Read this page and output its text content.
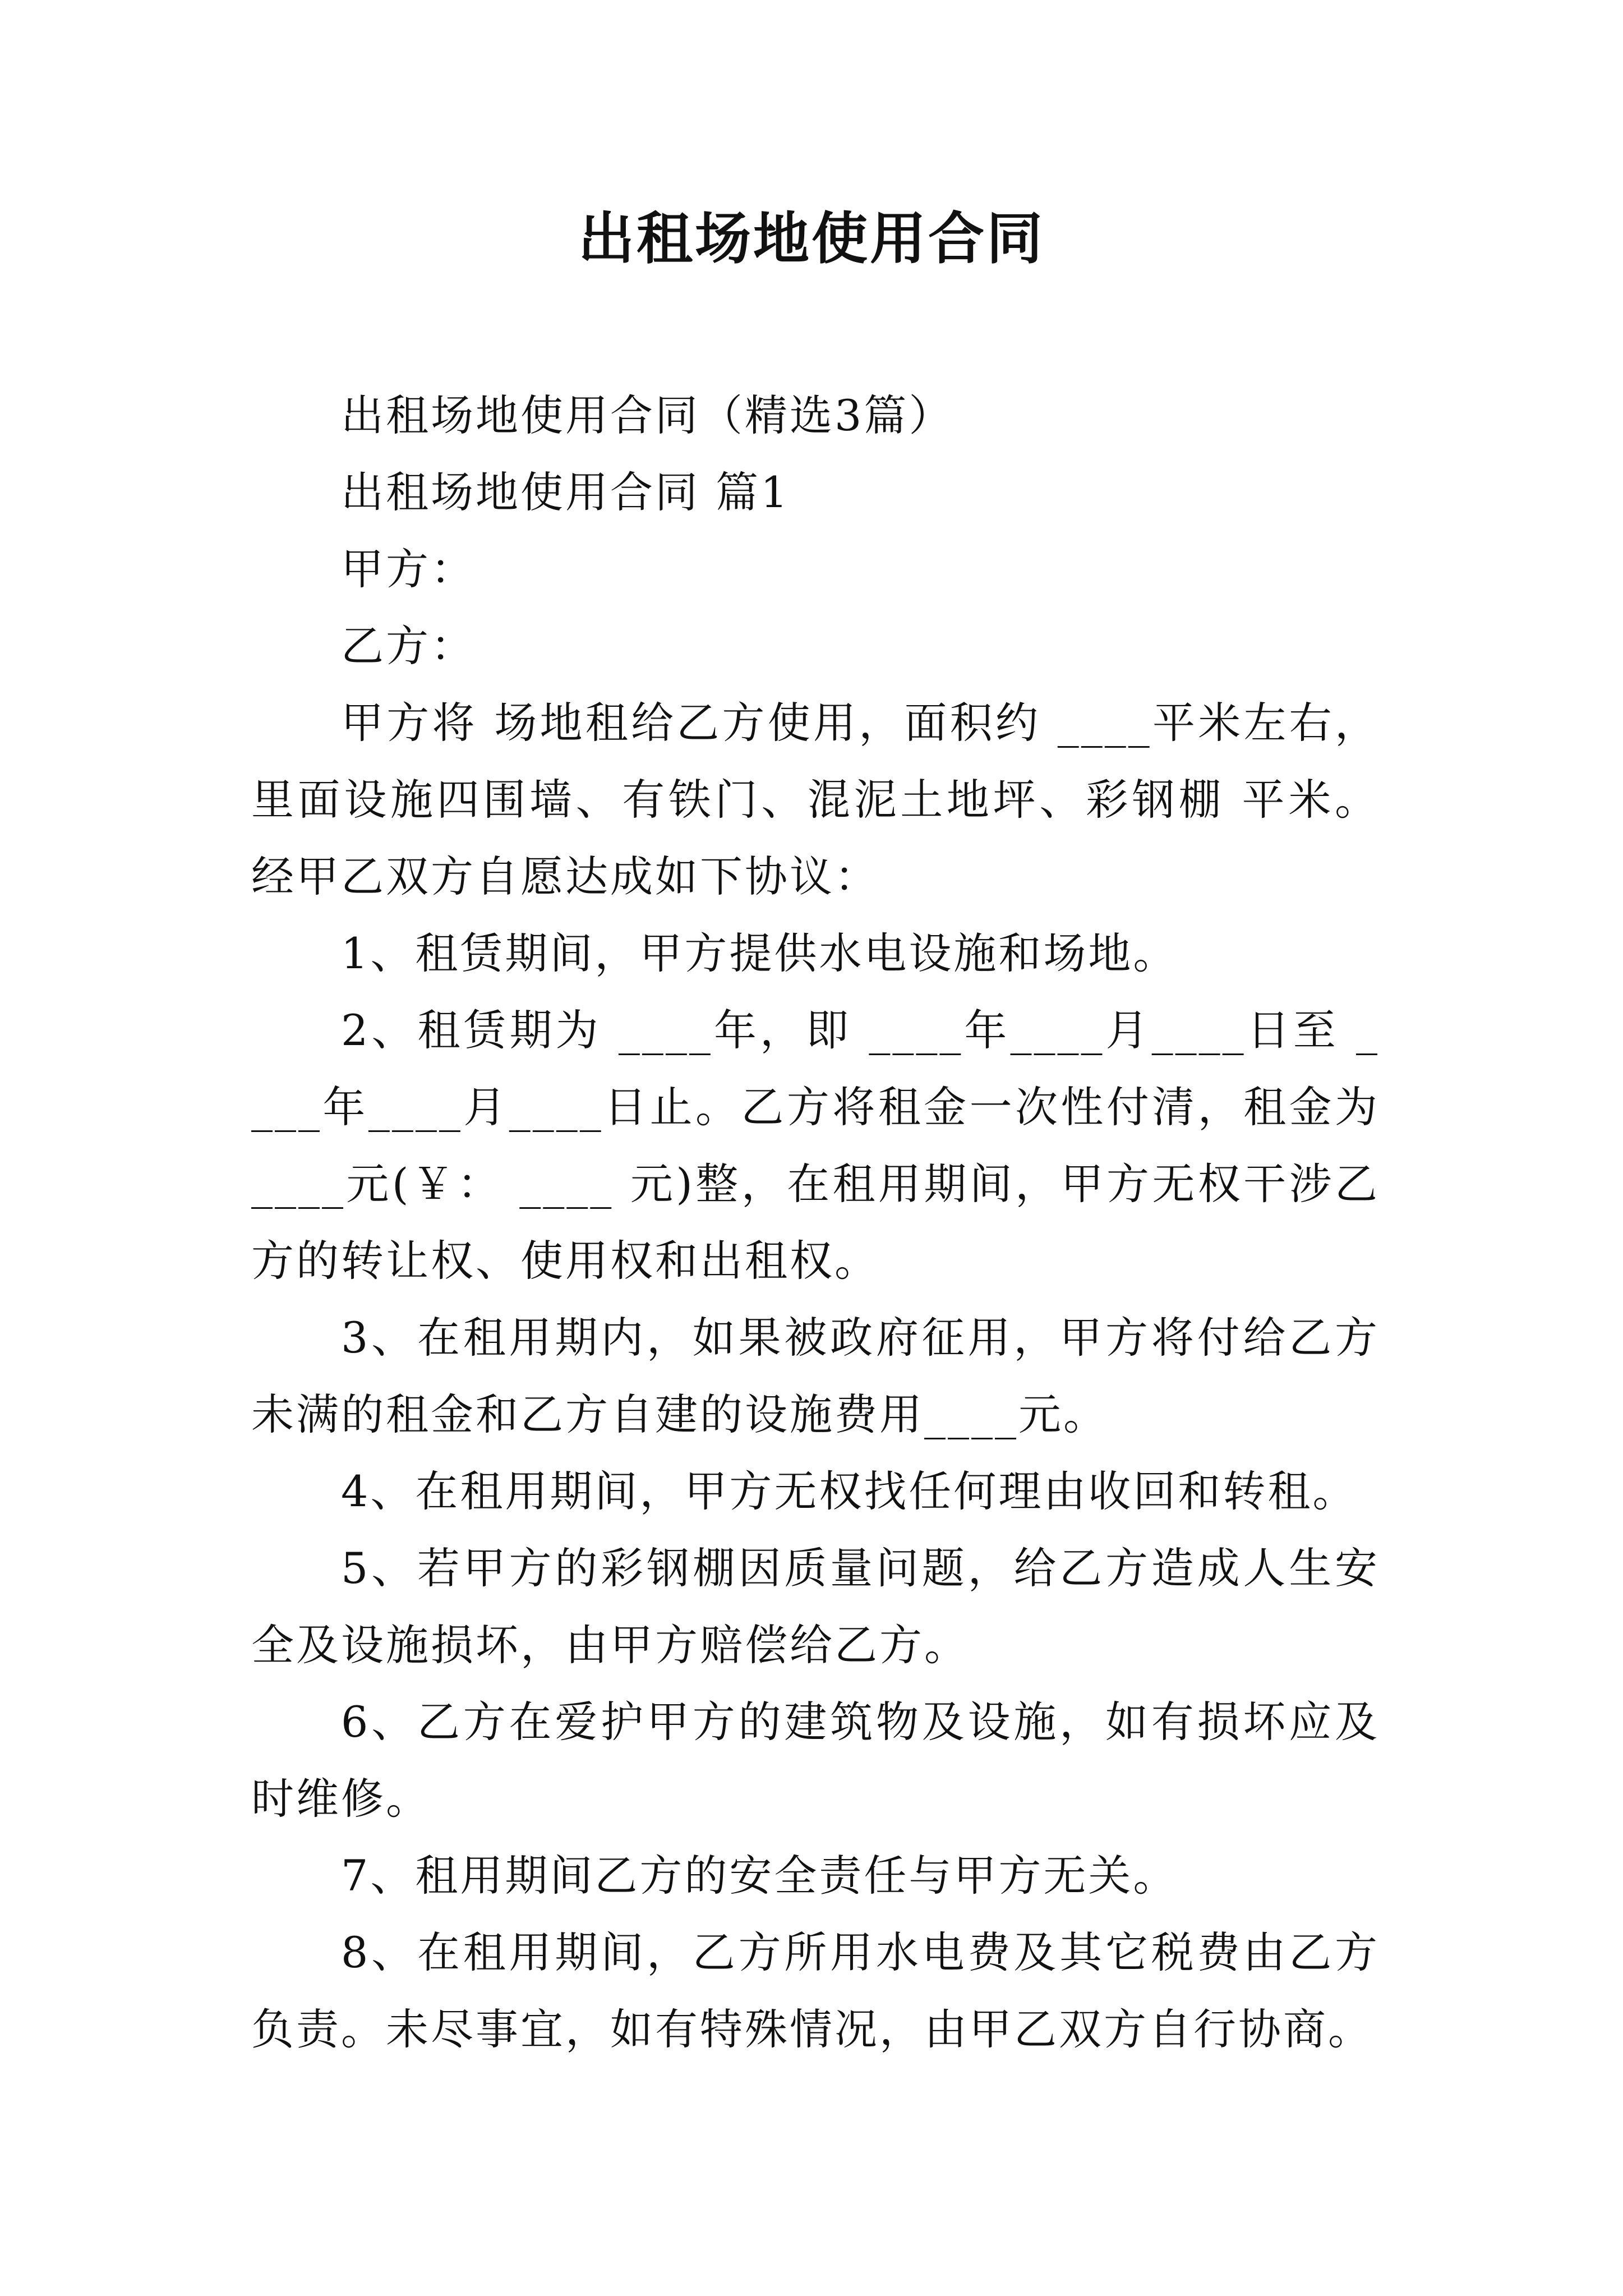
出租场地使用合同

出租场地使用合同（精选3篇）

出租场地使用合同 篇1

甲方：

乙方：

甲方将 场地租给乙方使用，面积约 ____平米左右，里面设施四围墙、有铁门、混泥土地坪、彩钢棚 平米。经甲乙双方自愿达成如下协议：

1、租赁期间，甲方提供水电设施和场地。

2、租赁期为 ____年，即 ____年____月____日至 ____年____月____日止。乙方将租金一次性付清，租金为____元(￥： ____ 元)整，在租用期间，甲方无权干涉乙方的转让权、使用权和出租权。

3、在租用期内，如果被政府征用，甲方将付给乙方未满的租金和乙方自建的设施费用____元。

4、在租用期间，甲方无权找任何理由收回和转租。

5、若甲方的彩钢棚因质量问题，给乙方造成人生安全及设施损坏，由甲方赔偿给乙方。

6、乙方在爱护甲方的建筑物及设施，如有损坏应及时维修。

7、租用期间乙方的安全责任与甲方无关。

8、在租用期间，乙方所用水电费及其它税费由乙方负责。未尽事宜，如有特殊情况，由甲乙双方自行协商。
